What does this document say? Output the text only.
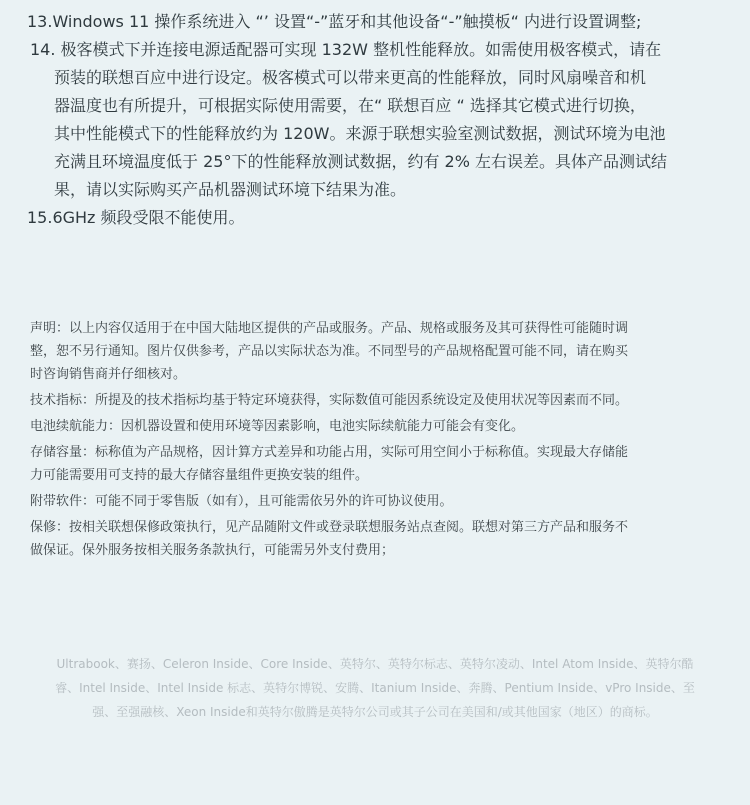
13.Windows 11 操作系统进入 “’ 设置“-”蓝牙和其他设备“-”触摸板“ 内进行设置调整;
14. 极客模式下并连接电源适配器可实现 132W 整机性能释放。如需使用极客模式，请在
预装的联想百应中进行设定。极客模式可以带来更高的性能释放，同时风扇噪音和机
器温度也有所提升，可根据实际使用需要，在“ 联想百应 “ 选择其它模式进行切换，
其中性能模式下的性能释放约为 120W。来源于联想实验室测试数据，测试环境为电池
充满且环境温度低于 25°下的性能释放测试数据，约有 2% 左右误差。具体产品测试结
果，请以实际购买产品机器测试环境下结果为准。
15.6GHz 频段受限不能使用。
声明：以上内容仅适用于在中国大陆地区提供的产品或服务。产品、规格或服务及其可获得性可能随时调
整，恕不另行通知。图片仅供参考，产品以实际状态为准。不同型号的产品规格配置可能不同，请在购买
时咨询销售商并仔细核对。
技术指标：所提及的技术指标均基于特定环境获得，实际数值可能因系统设定及使用状况等因素而不同。
电池续航能力：因机器设置和使用环境等因素影响，电池实际续航能力可能会有变化。
存储容量：标称值为产品规格，因计算方式差异和功能占用，实际可用空间小于标称值。实现最大存储能
力可能需要用可支持的最大存储容量组件更换安装的组件。
附带软件：可能不同于零售版（如有），且可能需依另外的许可协议使用。
保修：按相关联想保修政策执行，见产品随附文件或登录联想服务站点查阅。联想对第三方产品和服务不
做保证。保外服务按相关服务条款执行，可能需另外支付费用；
Ultrabook、赛扬、Celeron Inside、Core Inside、英特尔、英特尔标志、英特尔凌动、Intel Atom Inside、英特尔酷
睿、Intel Inside、Intel Inside 标志、英特尔博锐、安腾、Itanium Inside、奔腾、Pentium Inside、vPro Inside、至
强、至强融核、Xeon Inside和英特尔傲腾是英特尔公司或其子公司在美国和/或其他国家（地区）的商标。
